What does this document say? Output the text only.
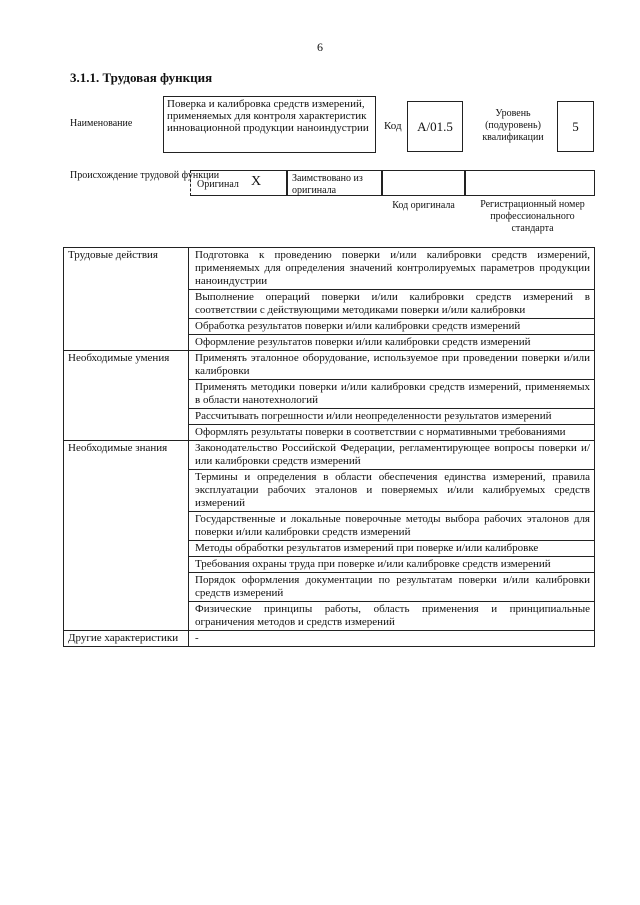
6
3.1.1. Трудовая функция
Наименование
Поверка и калибровка средств измерений, применяемых для контроля характеристик инновационной продукции наноиндустрии	Код А/01.5
Уровень (подуровень) квалификации
5
Происхождение трудовой функции
Оригинал X	Заимствовано из оригинала
Код оригинала	Регистрационный номер профессионального стандарта
Трудовые действия	Подготовка к проведению поверки и/или калибровки средств измерений, применяемых для определения значений контролируемых параметров продукции наноиндустрии
	Выполнение операций поверки и/или калибровки средств измерений в соответствии с действующими методиками поверки и/или калибровки
	Обработка результатов поверки и/или калибровки средств измерений
	Оформление результатов поверки и/или калибровки средств измерений
Необходимые умения	Применять эталонное оборудование, используемое при проведении поверки и/или калибровки
	Применять методики поверки и/или калибровки средств измерений, применяемых в области нанотехнологий
	Рассчитывать погрешности и/или неопределенности результатов измерений
	Оформлять результаты поверки в соответствии с нормативными требованиями
Необходимые знания	Законодательство Российской Федерации, регламентирующее вопросы поверки и/или калибровки средств измерений
	Термины и определения в области обеспечения единства измерений, правила эксплуатации рабочих эталонов и поверяемых и/или калибруемых средств измерений
	Государственные и локальные поверочные методы выбора рабочих эталонов для поверки и/или калибровки средств измерений
	Методы обработки результатов измерений при поверке и/или калибровке
	Требования охраны труда при поверке и/или калибровке средств измерений
	Порядок оформления документации по результатам поверки и/или калибровки средств измерений
	Физические принципы работы, область применения и принципиальные ограничения методов и средств измерений
Другие характеристики	-
